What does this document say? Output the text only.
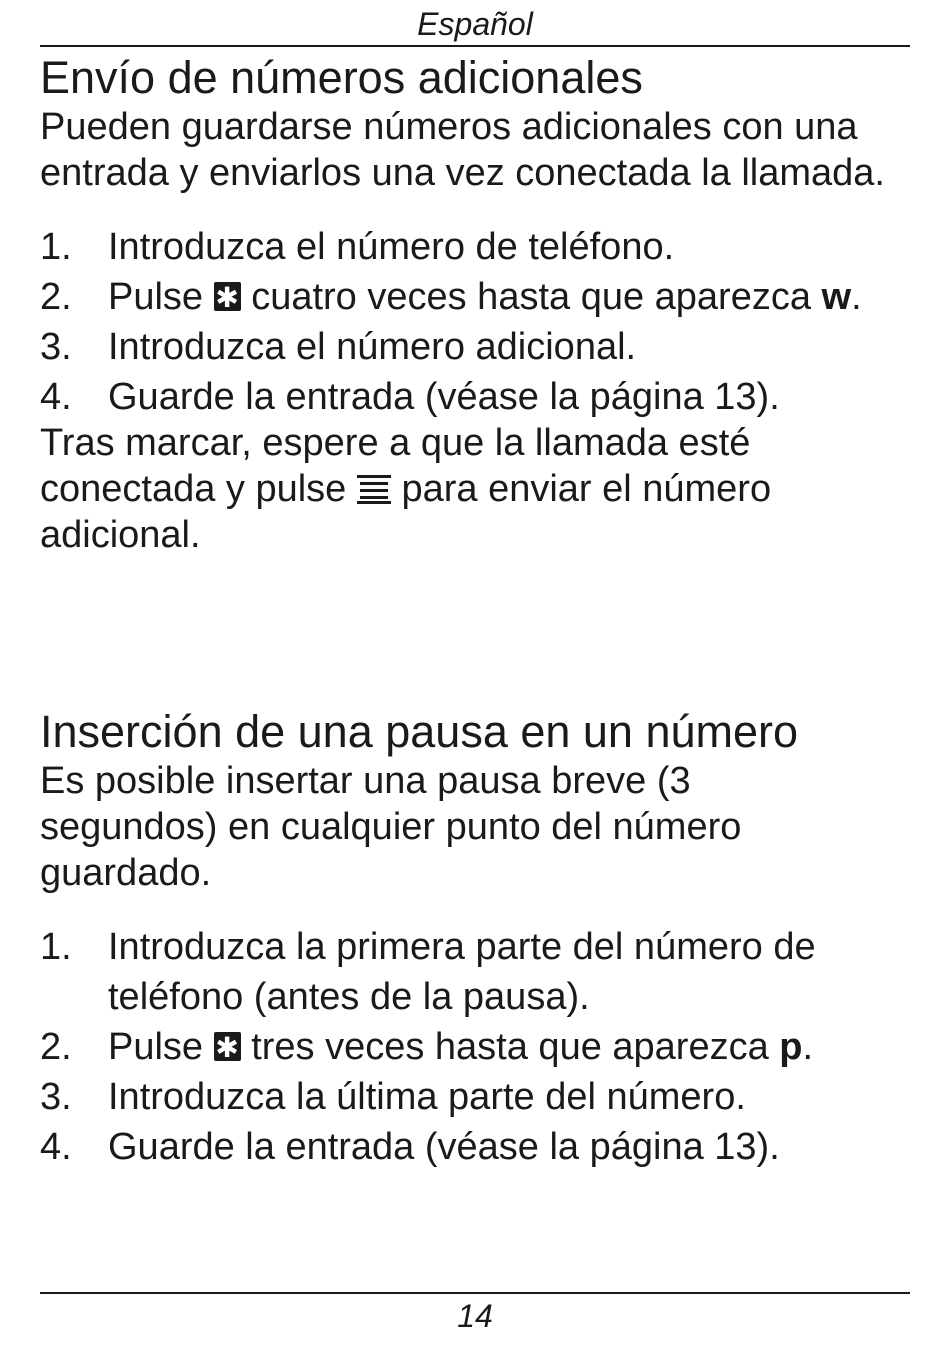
Español
Envío de números adicionales

Pueden guardarse números adicionales con una entrada y enviarlos una vez conectada la llamada.

1. Introduzca el número de teléfono.
2. Pulse ✱ cuatro veces hasta que aparezca w.
3. Introduzca el número adicional.
4. Guarde la entrada (véase la página 13).

Tras marcar, espere a que la llamada esté conectada y pulse para enviar el número adicional.

Inserción de una pausa en un número

Es posible insertar una pausa breve (3 segundos) en cualquier punto del número guardado.

1. Introduzca la primera parte del número de teléfono (antes de la pausa).
2. Pulse ✱ tres veces hasta que aparezca p.
3. Introduzca la última parte del número.
4. Guarde la entrada (véase la página 13).
14
